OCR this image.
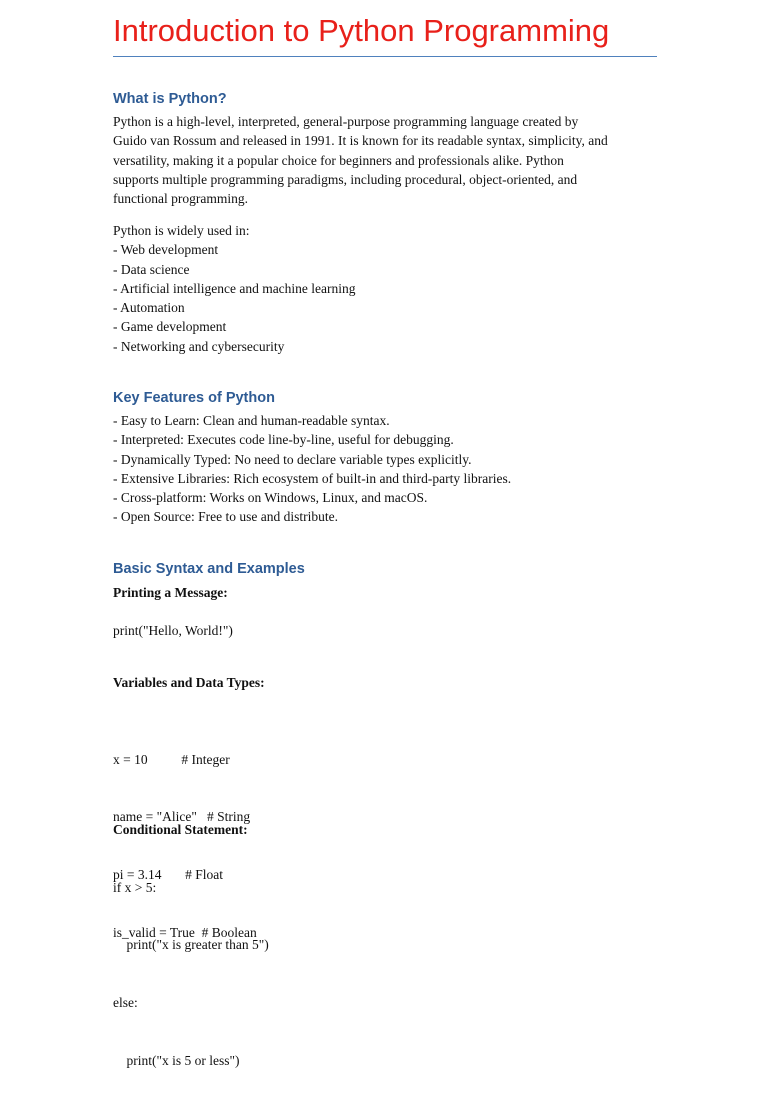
Introduction to Python Programming
What is Python?
Python is a high-level, interpreted, general-purpose programming language created by
Guido van Rossum and released in 1991. It is known for its readable syntax, simplicity, and
versatility, making it a popular choice for beginners and professionals alike. Python
supports multiple programming paradigms, including procedural, object-oriented, and
functional programming.
Python is widely used in:
- Web development
- Data science
- Artificial intelligence and machine learning
- Automation
- Game development
- Networking and cybersecurity
Key Features of Python
- Easy to Learn: Clean and human-readable syntax.
- Interpreted: Executes code line-by-line, useful for debugging.
- Dynamically Typed: No need to declare variable types explicitly.
- Extensive Libraries: Rich ecosystem of built-in and third-party libraries.
- Cross-platform: Works on Windows, Linux, and macOS.
- Open Source: Free to use and distribute.
Basic Syntax and Examples
Printing a Message:
print("Hello, World!")
Variables and Data Types:

x = 10          # Integer

name = "Alice"   # String

pi = 3.14       # Float

is_valid = True  # Boolean

Conditional Statement:

if x > 5:

print("x is greater than 5")

else:

print("x is 5 or less")
